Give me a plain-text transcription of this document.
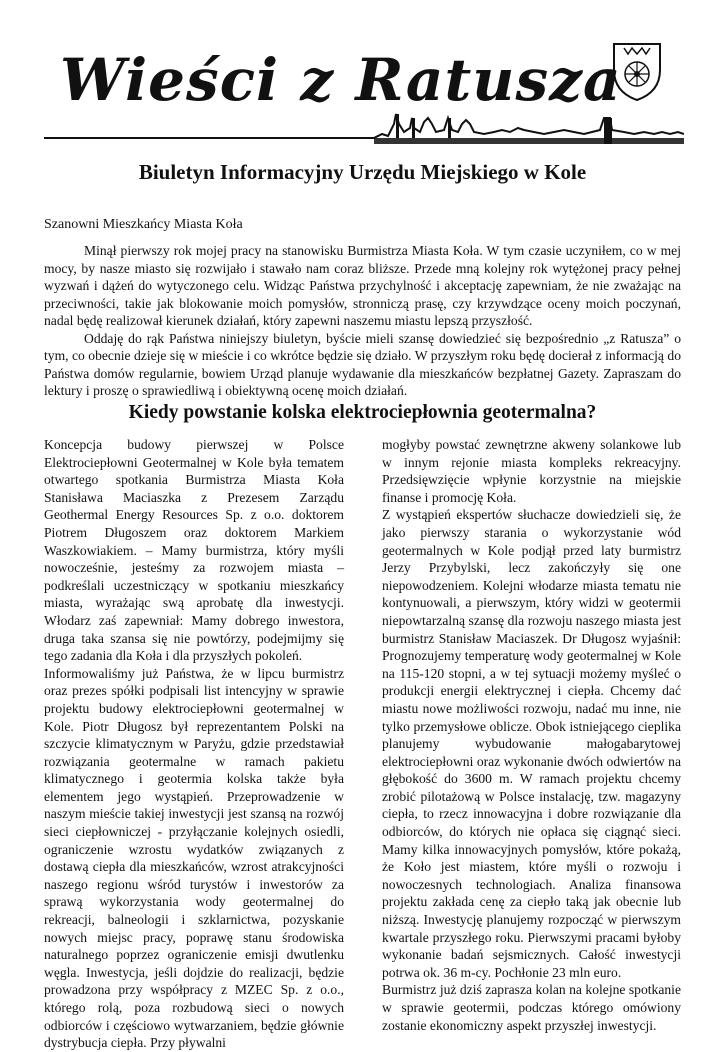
Wieści z Ratusza
Biuletyn Informacyjny Urzędu Miejskiego w Kole
Szanowni Mieszkańcy Miasta Koła

Minął pierwszy rok mojej pracy na stanowisku Burmistrza Miasta Koła. W tym czasie uczyniłem, co w mej mocy, by nasze miasto się rozwijało i stawało nam coraz bliższe. Przede mną kolejny rok wytężonej pracy pełnej wyzwań i dążeń do wytyczonego celu. Widząc Państwa przychylność i akceptację zapewniam, że nie zważając na przeciwności, takie jak blokowanie moich pomysłów, stronniczą prasę, czy krzywdzące oceny moich poczynań, nadal będę realizował kierunek działań, który zapewni naszemu miastu lepszą przyszłość.

Oddaję do rąk Państwa niniejszy biuletyn, byście mieli szansę dowiedzieć się bezpośrednio „z Ratusza” o tym, co obecnie dzieje się w mieście i co wkrótce będzie się działo. W przyszłym roku będę docierał z informacją do Państwa domów regularnie, bowiem Urząd planuje wydawanie dla mieszkańców bezpłatnej Gazety. Zapraszam do lektury i proszę o sprawiedliwą i obiektywną ocenę moich działań.

Kiedy powstanie kolska elektrociepłownia geotermalna?

Koncepcja budowy pierwszej w Polsce Elektrociepłowni Geotermalnej w Kole była tematem otwartego spotkania Burmistrza Miasta Koła Stanisława Maciaszka z Prezesem Zarządu Geothermal Energy Resources Sp. z o.o. doktorem Piotrem Długoszem oraz doktorem Markiem Waszkowiakiem. – Mamy burmistrza, który myśli nowocześnie, jesteśmy za rozwojem miasta – podkreślali uczestniczący w spotkaniu mieszkańcy miasta, wyrażając swą aprobatę dla inwestycji. Włodarz zaś zapewniał: Mamy dobrego inwestora, druga taka szansa się nie powtórzy, podejmijmy się tego zadania dla Koła i dla przyszłych pokoleń.

Informowaliśmy już Państwa, że w lipcu burmistrz oraz prezes spółki podpisali list intencyjny w sprawie projektu budowy elektrociepłowni geotermalnej w Kole. Piotr Długosz był reprezentantem Polski na szczycie klimatycznym w Paryżu, gdzie przedstawiał rozwiązania geotermalne w ramach pakietu klimatycznego i geotermia kolska także była elementem jego wystąpień. Przeprowadzenie w naszym mieście takiej inwestycji jest szansą na rozwój sieci ciepłowniczej - przyłączanie kolejnych osiedli, ograniczenie wzrostu wydatków związanych z dostawą ciepła dla mieszkańców, wzrost atrakcyjności naszego regionu wśród turystów i inwestorów za sprawą wykorzystania wody geotermalnej do rekreacji, balneologii i szklarnictwa, pozyskanie nowych miejsc pracy, poprawę stanu środowiska naturalnego poprzez ograniczenie emisji dwutlenku węgla. Inwestycja, jeśli dojdzie do realizacji, będzie prowadzona przy współpracy z MZEC Sp. z o.o., którego rolą, poza rozbudową sieci o nowych odbiorców i częściowo wytwarzaniem, będzie głównie dystrybucja ciepła. Przy pływalni

mogłyby powstać zewnętrzne akweny solankowe lub w innym rejonie miasta kompleks rekreacyjny. Przedsięwzięcie wpłynie korzystnie na miejskie finanse i promocję Koła.

Z wystąpień ekspertów słuchacze dowiedzieli się, że jako pierwszy starania o wykorzystanie wód geotermalnych w Kole podjął przed laty burmistrz Jerzy Przybylski, lecz zakończyły się one niepowodzeniem. Kolejni włodarze miasta tematu nie kontynuowali, a pierwszym, który widzi w geotermii niepowtarzalną szansę dla rozwoju naszego miasta jest burmistrz Stanisław Maciaszek. Dr Długosz wyjaśnił: Prognozujemy temperaturę wody geotermalnej w Kole na 115-120 stopni, a w tej sytuacji możemy myśleć o produkcji energii elektrycznej i ciepła. Chcemy dać miastu nowe możliwości rozwoju, nadać mu inne, nie tylko przemysłowe oblicze. Obok istniejącego cieplika planujemy wybudowanie małogabarytowej elektrociepłowni oraz wykonanie dwóch odwiertów na głębokość do 3600 m. W ramach projektu chcemy zrobić pilotażową w Polsce instalację, tzw. magazyny ciepła, to rzecz innowacyjna i dobre rozwiązanie dla odbiorców, do których nie opłaca się ciągnąć sieci. Mamy kilka innowacyjnych pomysłów, które pokażą, że Koło jest miastem, które myśli o rozwoju i nowoczesnych technologiach. Analiza finansowa projektu zakłada cenę za ciepło taką jak obecnie lub niższą. Inwestycję planujemy rozpocząć w pierwszym kwartale przyszłego roku. Pierwszymi pracami byłoby wykonanie badań sejsmicznych. Całość inwestycji potrwa ok. 36 m-cy. Pochłonie 23 mln euro.

Burmistrz już dziś zaprasza kolan na kolejne spotkanie w sprawie geotermii, podczas którego omówiony zostanie ekonomiczny aspekt przyszłej inwestycji.
